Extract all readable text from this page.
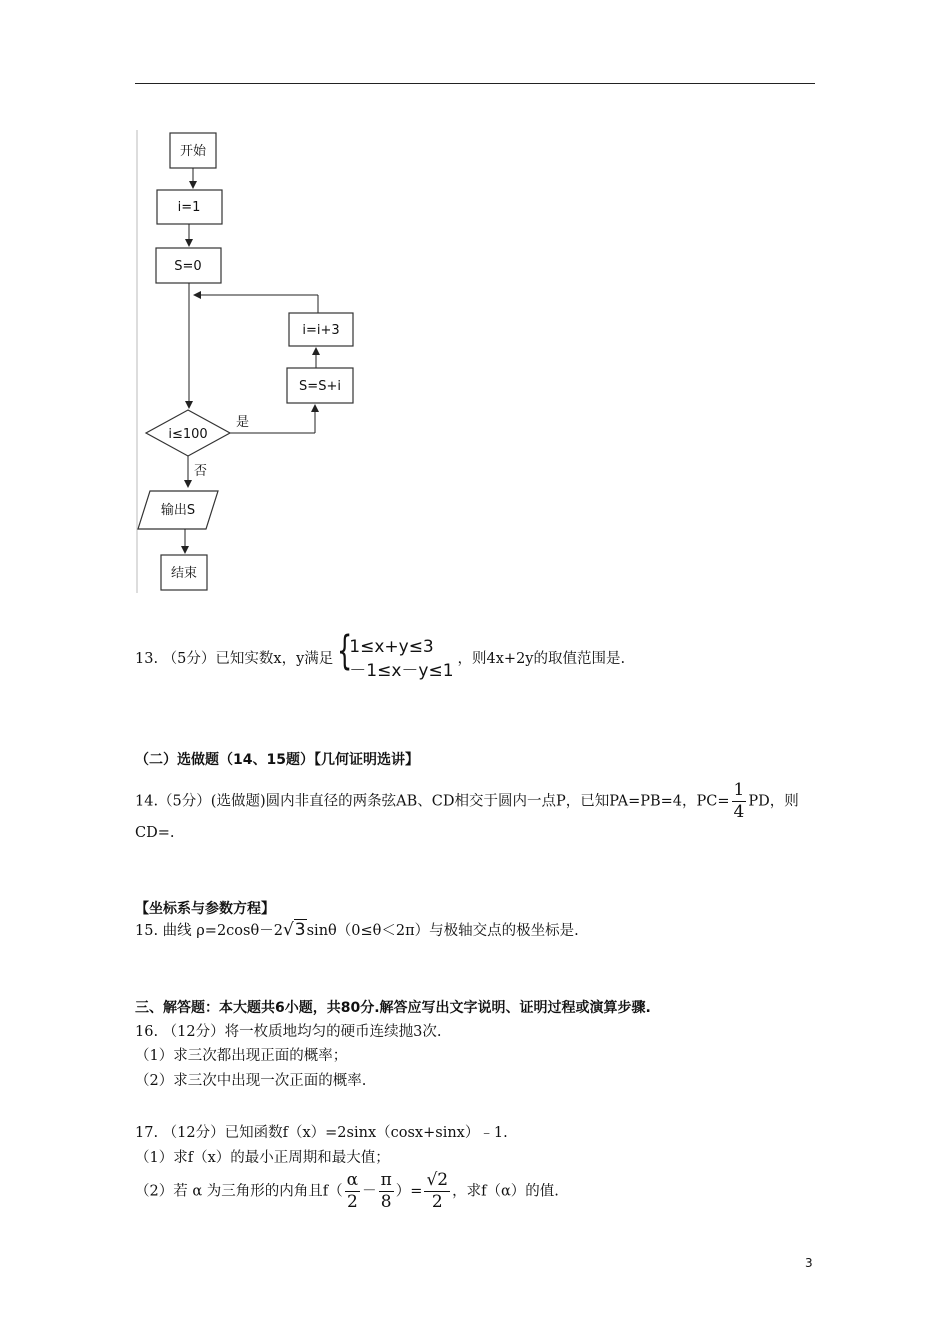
开始
i=1
S=0
i=i+3
S=S+i
i≤100
是
否
输出S
结束
13. （5分）已知实数x，y满足 {
1≤x+y≤3
－1≤x－y≤1
，则4x+2y的取值范围是.
（二）选做题（14、15题）【几何证明选讲】
14.（5分）(选做题)圆内非直径的两条弦AB、CD相交于圆内一点P，已知PA=PB=4，$PC= \frac{1}{4}$ PD，则
CD=.
【坐标系与参数方程】
15. 曲线 ρ=2cosθ－2√3sinθ（0≤θ＜2π）与极轴交点的极坐标是.
三、解答题：本大题共6小题，共80分.解答应写出文字说明、证明过程或演算步骤.
16. （12分）将一枚质地均匀的硬币连续抛3次.
（1）求三次都出现正面的概率；
（2）求三次中出现一次正面的概率.
17. （12分）已知函数f（x）=2sinx（cosx+sinx）﹣1.
（1）求f（x）的最小正周期和最大值；
（2）若 α 为三角形的内角且$f( \frac{\alpha}{2} - \frac{\pi}{8}$ ）= $\frac{√2}{2}$ ，求f（α）的值.
3
